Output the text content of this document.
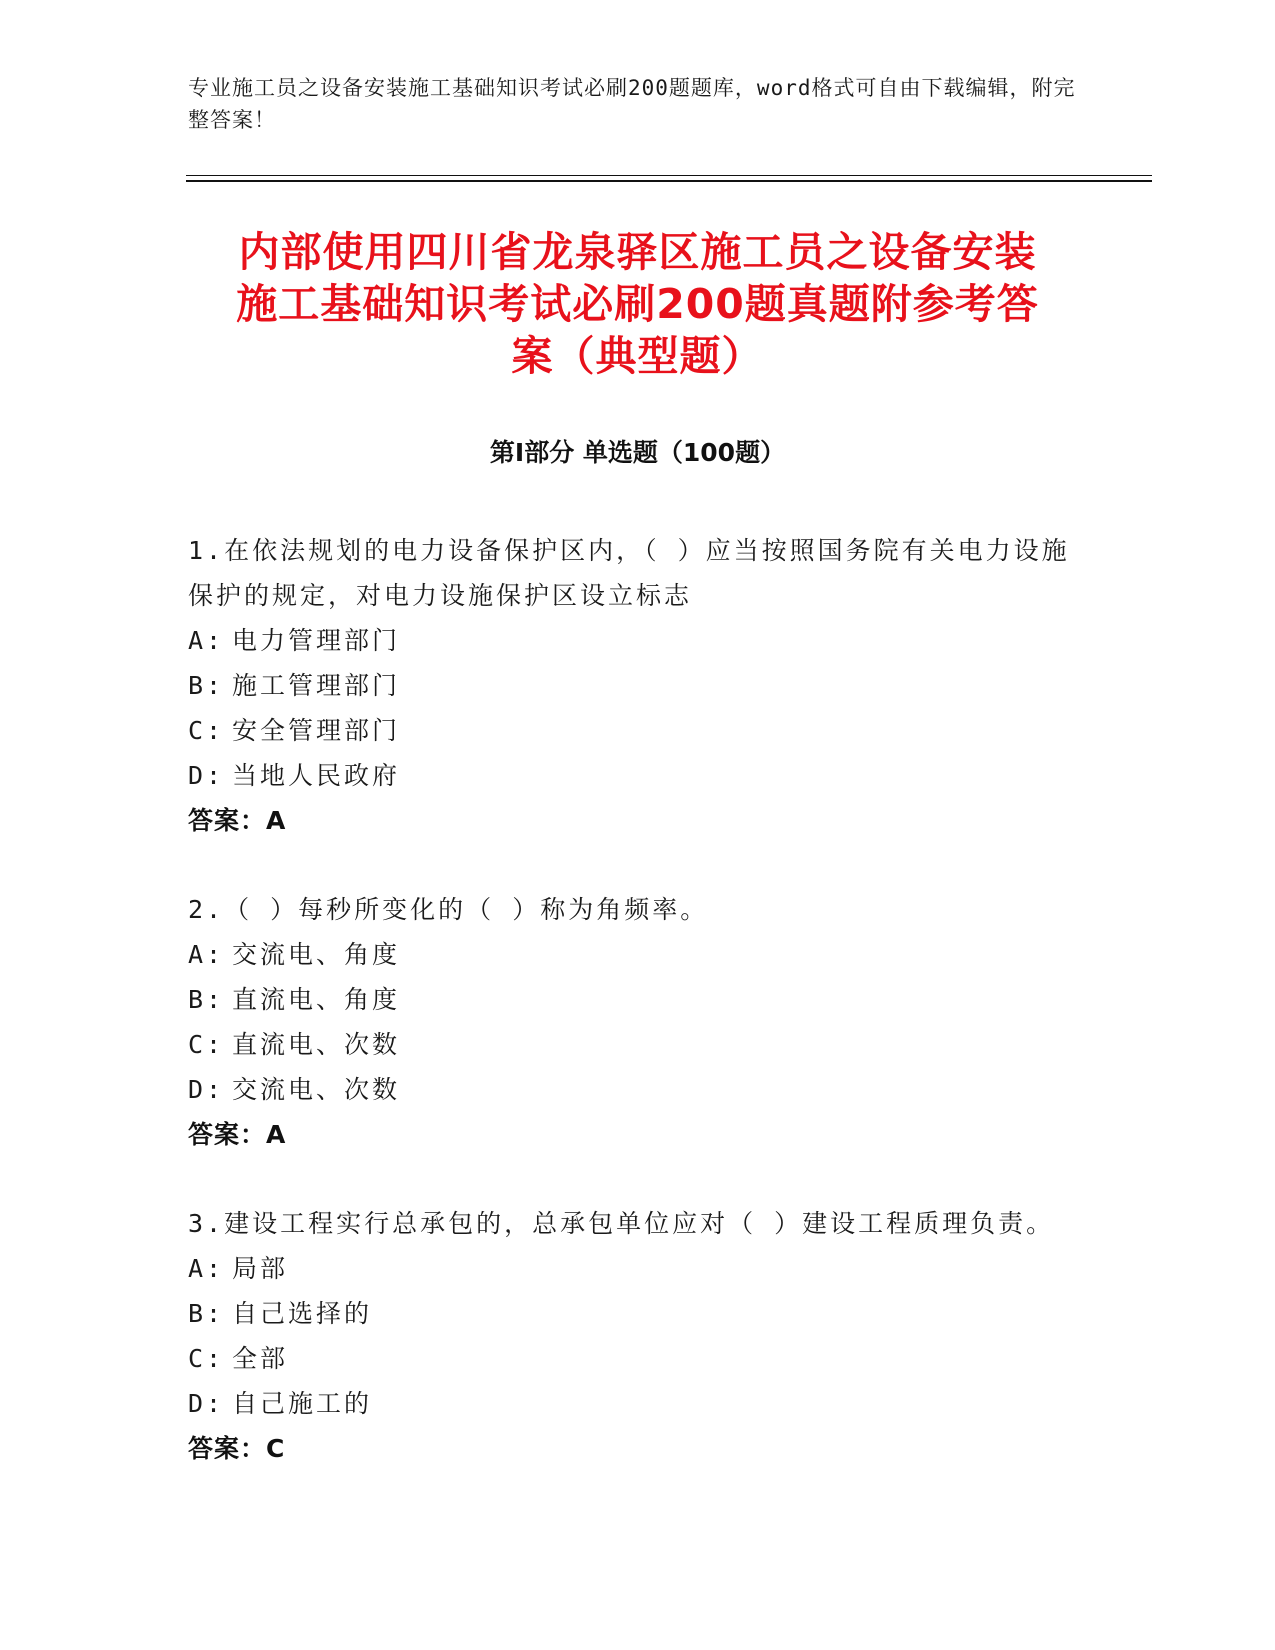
专业施工员之设备安装施工基础知识考试必刷200题题库，word格式可自由下载编辑，附完整答案！
内部使用四川省龙泉驿区施工员之设备安装
施工基础知识考试必刷200题真题附参考答
案（典型题）
第Ⅰ部分 单选题（100题）
1.在依法规划的电力设备保护区内，（ ）应当按照国务院有关电力设施保护的规定，对电力设施保护区设立标志
A: 电力管理部门
B: 施工管理部门
C: 安全管理部门
D: 当地人民政府
答案：A
2.（ ）每秒所变化的（ ）称为角频率。
A: 交流电、角度
B: 直流电、角度
C: 直流电、次数
D: 交流电、次数
答案：A
3.建设工程实行总承包的，总承包单位应对（ ）建设工程质理负责。
A: 局部
B: 自己选择的
C: 全部
D: 自己施工的
答案：C
